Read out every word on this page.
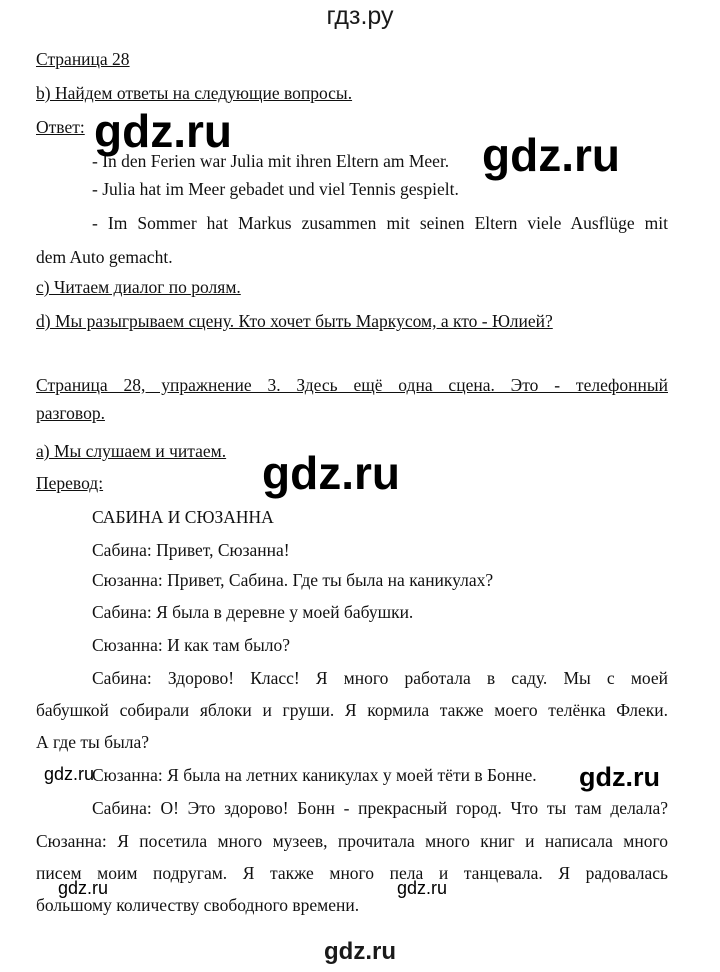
гдз.ру
Страница 28
b) Найдем ответы на следующие вопросы.
Ответ:
- In den Ferien war Julia mit ihren Eltern am Meer.
- Julia hat im Meer gebadet und viel Tennis gespielt.
- Im Sommer hat Markus zusammen mit seinen Eltern viele Ausflüge mit
dem Auto gemacht.
c) Читаем диалог по ролям.
d) Мы разыгрываем сцену. Кто хочет быть Маркусом, а кто - Юлией?
Страница 28, упражнение 3. Здесь ещё одна сцена. Это - телефонный
разговор.
a) Мы слушаем и читаем.
Перевод:
САБИНА И СЮЗАННА
Сабина: Привет, Сюзанна!
Сюзанна: Привет, Сабина. Где ты была на каникулах?
Сабина: Я была в деревне у моей бабушки.
Сюзанна: И как там было?
Сабина: Здорово! Класс! Я много работала в саду. Мы с моей
бабушкой собирали яблоки и груши. Я кормила также моего телёнка Флеки.
А где ты была?
Сюзанна: Я была на летних каникулах у моей тёти в Бонне.
Сабина: О! Это здорово! Бонн - прекрасный город. Что ты там делала?
Сюзанна: Я посетила много музеев, прочитала много книг и написала много
писем моим подругам. Я также много пела и танцевала. Я радовалась
большому количеству свободного времени.
gdz.ru	gdz.ru
gdz.ru
gdz.ru	gdz.ru
gdz.ru	gdz.ru
gdz.ru
